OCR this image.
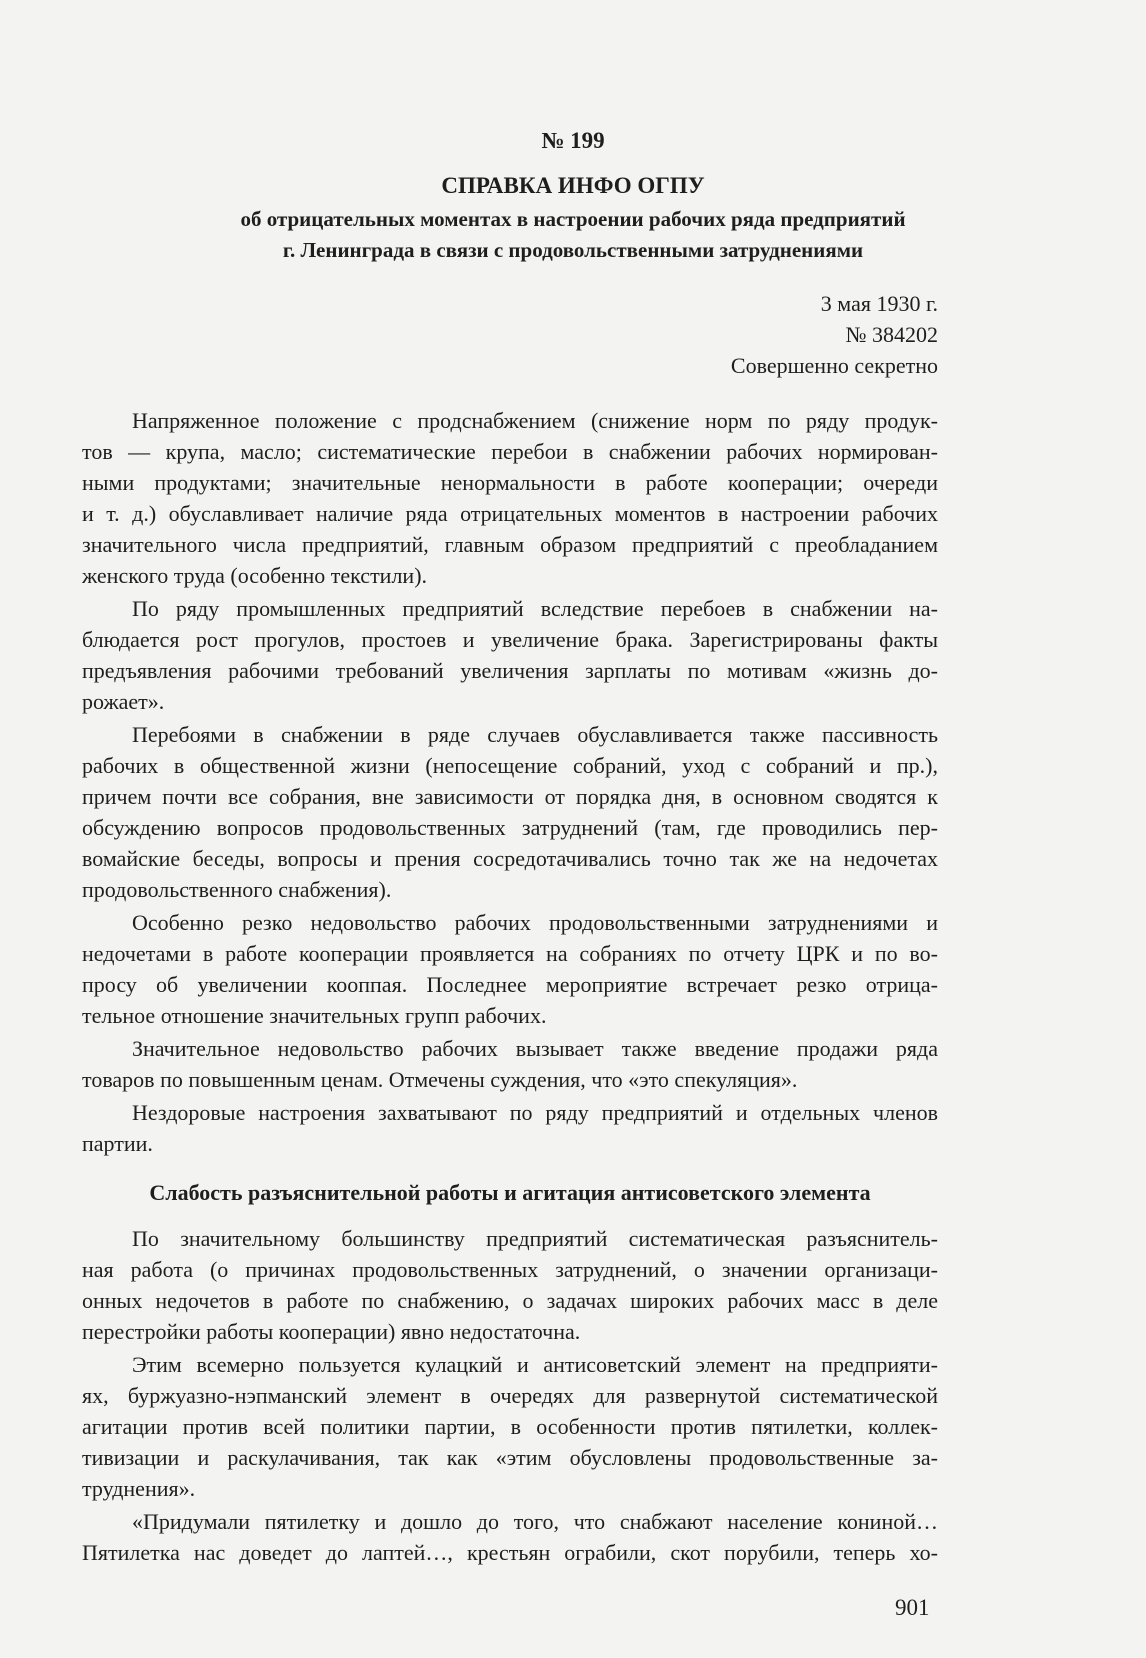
№ 199
СПРАВКА ИНФО ОГПУ
об отрицательных моментах в настроении рабочих ряда предприятий
г. Ленинграда в связи с продовольственными затруднениями
3 мая 1930 г.
№ 384202
Совершенно секретно
Напряженное положение с продснабжением (снижение норм по ряду продук-
тов — крупа, масло; систематические перебои в снабжении рабочих нормирован-
ными продуктами; значительные ненормальности в работе кооперации; очереди
и т. д.) обуславливает наличие ряда отрицательных моментов в настроении рабочих
значительного числа предприятий, главным образом предприятий с преобладанием
женского труда (особенно текстили).
По ряду промышленных предприятий вследствие перебоев в снабжении на-
блюдается рост прогулов, простоев и увеличение брака. Зарегистрированы факты
предъявления рабочими требований увеличения зарплаты по мотивам «жизнь до-
рожает».
Перебоями в снабжении в ряде случаев обуславливается также пассивность
рабочих в общественной жизни (непосещение собраний, уход с собраний и пр.),
причем почти все собрания, вне зависимости от порядка дня, в основном сводятся к
обсуждению вопросов продовольственных затруднений (там, где проводились пер-
вомайские беседы, вопросы и прения сосредотачивались точно так же на недочетах
продовольственного снабжения).
Особенно резко недовольство рабочих продовольственными затруднениями и
недочетами в работе кооперации проявляется на собраниях по отчету ЦРК и по во-
просу об увеличении кооппая. Последнее мероприятие встречает резко отрица-
тельное отношение значительных групп рабочих.
Значительное недовольство рабочих вызывает также введение продажи ряда
товаров по повышенным ценам. Отмечены суждения, что «это спекуляция».
Нездоровые настроения захватывают по ряду предприятий и отдельных членов
партии.
Слабость разъяснительной работы и агитация антисоветского элемента
По значительному большинству предприятий систематическая разъяснитель-
ная работа (о причинах продовольственных затруднений, о значении организаци-
онных недочетов в работе по снабжению, о задачах широких рабочих масс в деле
перестройки работы кооперации) явно недостаточна.
Этим всемерно пользуется кулацкий и антисоветский элемент на предприяти-
ях, буржуазно-нэпманский элемент в очередях для развернутой систематической
агитации против всей политики партии, в особенности против пятилетки, коллек-
тивизации и раскулачивания, так как «этим обусловлены продовольственные за-
труднения».
«Придумали пятилетку и дошло до того, что снабжают население кониной…
Пятилетка нас доведет до лаптей…, крестьян ограбили, скот порубили, теперь хо-
901
